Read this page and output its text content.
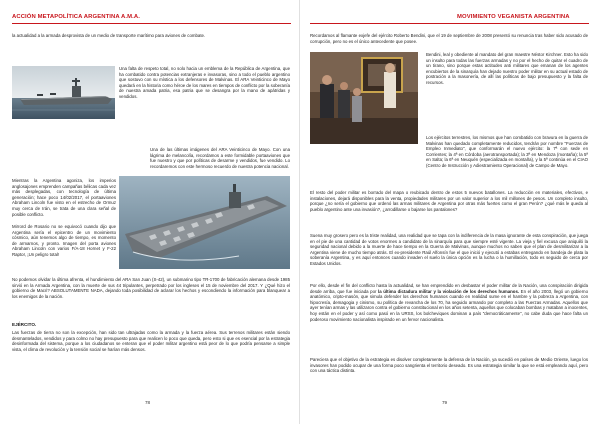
ACCIÓN METAPOLÍTICA ARGENTINA A.M.A.

la actualidad a la armada desprovista de un medio de transporte marítimo para aviones de combate.

Una falta de respeto total, no solo hacia un emblema de la República de Argentina, que ha combatido contra potencias extranjeras e invasoras, sino a todo el pueblo argentino que sostuvo con su mística a los defensores de Malvinas. El ARA Veinticinco de Mayo quedará en la historia como héroe de los mares en tiempos de conflicto por la soberanía de nuestra amada patria, esa patria que se desangra por la mano de apátridas y vendidos.

Una de las últimas imágenes del ARA Veinticinco de Mayo. Con una lágrima de melancolía, recordamos a este formidable portaaviones que fue nuestro y que por políticas de desarme y vendidos, fue vendido. Lo recordaremos con este hermoso recuerdo de nuestra potencia nacional.

Mientras la Argentina agoniza, los imperios anglosajones emprenden campañas bélicas cada vez más desplegadas, con tecnología de última generación; hace poco 14/02/2017, el portaaviones Abraham Lincoln fue visto en el estrecho de Ormuz muy cerca de Irán, se trata de una clara señal de posible conflicto.

Mirrord de Rosario no se equivocó cuando dijo que Argentina sería el epicentro de un movimiento cósmico, aún tenemos algo de tiempo, es momento de armarnos, y pronto. Imagen del porta aviones Abraham Lincoln con varios F/A-18 Hornet y F-22 Raptor, ¡Un peligro total!

No podemos olvidar la última afrenta, el hundimiento del ARA San Juan (S-42), un submarino tipo TR-1700 de fabricación alemana desde 1985 sirvió en la Armada Argentina, con la muerte de sus 44 tripulantes, perpetrado por los ingleses el 15 de noviembre del 2017. Y ¿Qué hizo el gobierno de Macri? ABSOLUTAMENTE NADA, dejando toda posibilidad de aclarar los hechos y escondiendo la información para blanquear a los enemigos de la nación.

EJÉRCITO.

Las fuerzas de tierra no son la excepción, han sido tan ultrajadas como la armada y la fuerza aérea. Sus terrenos militares están siendo desmantelados, vendidos y para colmo no hay presupuesto para que realicen lo poco que queda, pero esto si que es esencial por la estrategia desinformada del sistema, porque a los ciudadanos se enteran que el poder militar argentino está peor de lo que podría pensarse a simple vista, el clima de revolución y la tensión social se harían más densos.

78
MOVIMIENTO VEGANISTA ARGENTINA

Recordamos al flamante exjefe del ejército Roberto Bendini, que el 19 de septiembre de 2008 presentó su renuncia tras haber sido acusado de corrupción, pero no es el único antecedente que posee.

Bendini, leal y obediente al mandato del gran maestre Néstor Kirchner. Esto ha sido un insulto para todas las fuerzas armadas y no por el hecho de quitar el cuadro de un tirano, sino porque estas actitudes anti militares que emanan de los agentes encubiertos de la sinarquía han dejado nuestro poder militar en su actual estado de postración a la masonería, de allí las políticas de bajo presupuesto y la falta de recursos.

Los ejércitos terrestres, los mismos que han combatido con bravura en la guerra de Malvinas han quedado completamente reducidos, tendrán por nombre "Fuerzas de Empleo Inmediato", que conformarán el nuevo ejército: la 7ª con sede en Corrientes; la 4ª en Córdoba (aerotransportada); la 3ª en Mendoza (montaña); la 5ª en Salta; la 6ª en Neuquén (especializada en montaña), y la 5ª continúa en el CIAO (Centro de Instrucción y Adiestramiento Operacional) de Campo de Mayo.

El resto del poder militar es borrado del mapa o reubicado dentro de estos 5 nuevos batallones. La reducción en materiales, efectivos, e instalaciones, dejará disponibles para la venta, propiedades militares por un valor superior a los mil millones de pesos. Un completo insulto, porque ¿no sería el gobierno que ordenó las armas militares de Argentina por otras más fuertes como el gran Perón? ¿qué más le queda al pueblo argentino ante una invasión?, ¿arrodillarse o bajarse los pantalones?

Suena muy grosero pero es la triste realidad, una realidad que se tapa con la indiferencia de la masa ignorante de esta conspiración, que juega en el pie de una cantidad de votos enormes a candidato de la sinarquía para que siempre esté vigente. La vieja y fiel excusa que aniquiló la seguridad nacional debido a la muerte de hace tiempo en la Guerra de Malvinas, aunque muchos no saben que el plan de desmilitarizar a la Argentina viene de mucho tiempo atrás. El ex-presidente Raúl Alfonsín fue el que inició y ejecutó a estabas entregando en bandeja de plata la soberanía Argentina, y es aquí entonces cuando invaden el suelo la única opción es la lucha o la humillación, todo es seguido de cerca por Estados Unidos.

Por ello, desde el fin del conflicto hasta la actualidad, se han emprendido en desbastar el poder militar de la Nación, una conspiración dirigida desde arriba, que fue iniciada por la última dictadura militar y la violación de los derechos humanos. En el año 2003, llegó un gobierno anatómico, cripto-masón, que simula defender los derechos humanos cuando en realidad sume en el hambre y la pobreza a Argentina, con hipocresía, demagogia y cinismo, su política de revancha de los 70, ha seguido armando por completo a las Fuerzas Armadas. Aquellos que ayer tenían armas y las utilizaron contra el gobierno constitucional en los años setenta, aquellos que colocaban bombas y mataban a inocentes, hoy están en el poder y así como pasó en la URSS, los bolcheviques dominan a país "democráticamente", no cabe duda que hace falta un poderoso movimiento nacionalista inspirado en un fervor nacionalista.

Pareciera que el objetivo de la estrategia es disolver completamente la defensa de la Nación, ya sucedió en países de Medio Oriente, luego los invasores han podido ocupar de una forma poco sangrienta el territorio deseado. Es una estrategia similar la que se está empleando aquí, pero con una táctica distinta.

79
